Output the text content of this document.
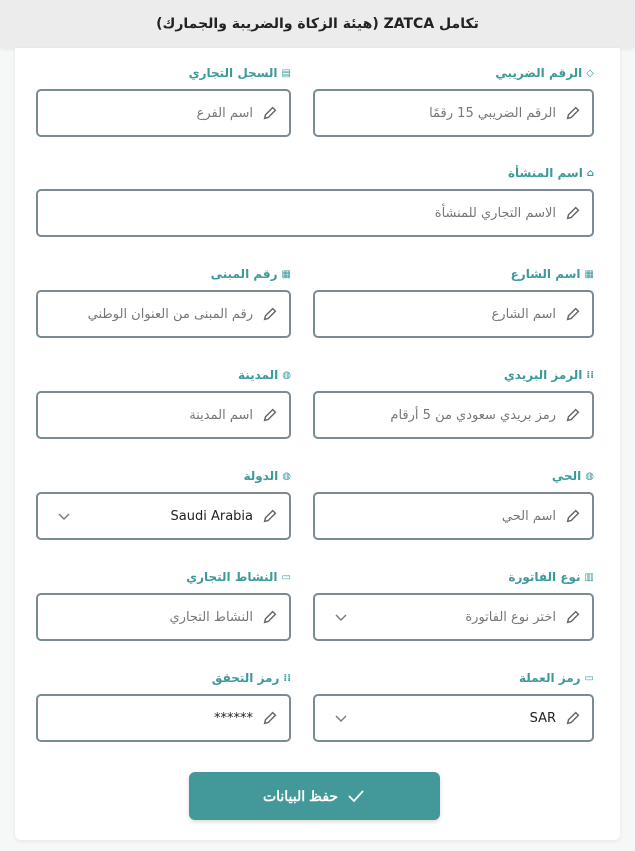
تكامل ZATCA (هيئة الزكاة والضريبة والجمارك)
◇
الرقم الضريبي
الرقم الضريبي 15 رقمًا
▤
السجل التجاري
اسم الفرع
⌂
اسم المنشأة
الاسم التجاري للمنشأة
▦
اسم الشارع
اسم الشارع
▦
رقم المبنى
رقم المبنى من العنوان الوطني
⁞⁞
الرمز البريدي
رمز بريدي سعودي من 5 أرقام
◍
المدينة
اسم المدينة
◍
الحي
اسم الحي
◍
الدولة
Saudi Arabia
▥
نوع الفاتورة
اختر نوع الفاتورة
▭
النشاط التجاري
النشاط التجاري
▭
رمز العملة
SAR
⁞⁞
رمز التحقق
******
حفظ البيانات
